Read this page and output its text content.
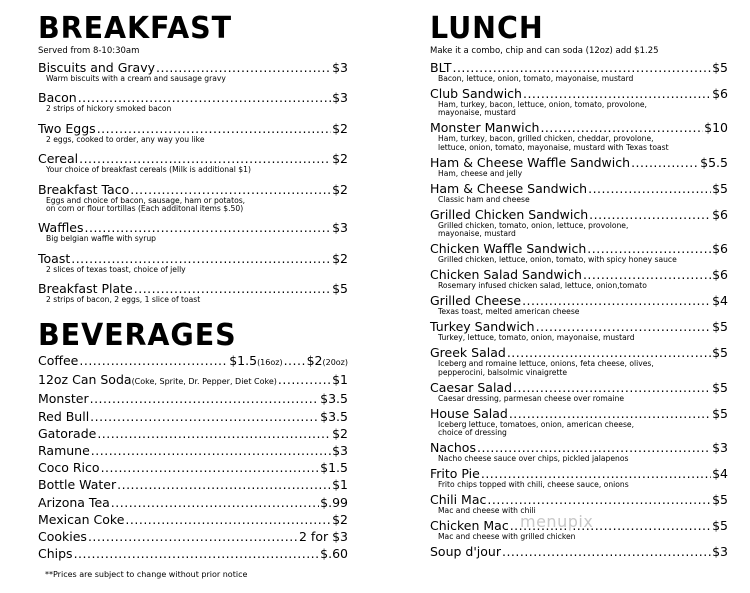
BREAKFAST
Served from 8-10:30am
Biscuits and Gravy .....	$3
Warm biscuits with a cream and sausage gravy
Bacon .....	$3
2 strips of hickory smoked bacon
Two Eggs .....	$2
2 eggs, cooked to order, any way you like
Cereal .....	$2
Your choice of breakfast cereals (Milk is additional $1)
Breakfast Taco .....	$2
Eggs and choice of bacon, sausage, ham or potatos,
on corn or flour tortillas (Each additonal items $.50)
Waffles .....	$3
Big belgian waffle with syrup
Toast .....	$2
2 slices of texas toast, choice of jelly
Breakfast Plate .....	$5
2 strips of bacon, 2 eggs, 1 slice of toast
BEVERAGES
Coffee .....	$1.5 (16oz) ..... $2 (20oz)
12oz Can Soda (Coke, Sprite, Dr. Pepper, Diet Coke) .....	$1
Monster .....	$3.5
Red Bull .....	$3.5
Gatorade .....	$2
Ramune .....	$3
Coco Rico .....	$1.5
Bottle Water .....	$1
Arizona Tea .....	$.99
Mexican Coke .....	$2
Cookies .....	2 for $3
Chips .....	$.60
LUNCH
Make it a combo, chip and can soda (12oz) add $1.25
BLT .....	$5
Bacon, lettuce, onion, tomato, mayonaise, mustard
Club Sandwich .....	$6
Ham, turkey, bacon, lettuce, onion, tomato, provolone,
mayonaise, mustard
Monster Manwich .....	$10
Ham, turkey, bacon, grilled chicken, cheddar, provolone,
lettuce, onion, tomato, mayonaise, mustard with Texas toast
Ham & Cheese Waffle Sandwich .....	$5.5
Ham, cheese and jelly
Ham & Cheese Sandwich .....	$5
Classic ham and cheese
Grilled Chicken Sandwich .....	$6
Grilled chicken, tomato, onion, lettuce, provolone,
mayonaise, mustard
Chicken Waffle Sandwich .....	$6
Grilled chicken, lettuce, onion, tomato, with spicy honey sauce
Chicken Salad Sandwich .....	$6
Rosemary infused chicken salad, lettuce, onion,tomato
Grilled Cheese .....	$4
Texas toast, melted american cheese
Turkey Sandwich .....	$5
Turkey, lettuce, tomato, onion, mayonaise, mustard
Greek Salad .....	$5
Iceberg and romaine lettuce, onions, feta cheese, olives,
pepperocini, balsolmic vinaigrette
Caesar Salad .....	$5
Caesar dressing, parmesan cheese over romaine
House Salad .....	$5
Iceberg lettuce, tomatoes, onion, american cheese,
choice of dressing
Nachos .....	$3
Nacho cheese sauce over chips, pickled jalapenos
Frito Pie .....	$4
Frito chips topped with chili, cheese sauce, onions
Chili Mac .....	$5
Mac and cheese with chili
Chicken Mac .....	$5
Mac and cheese with grilled chicken
Soup d'jour .....	$3
**Prices are subject to change without prior notice
menupix
